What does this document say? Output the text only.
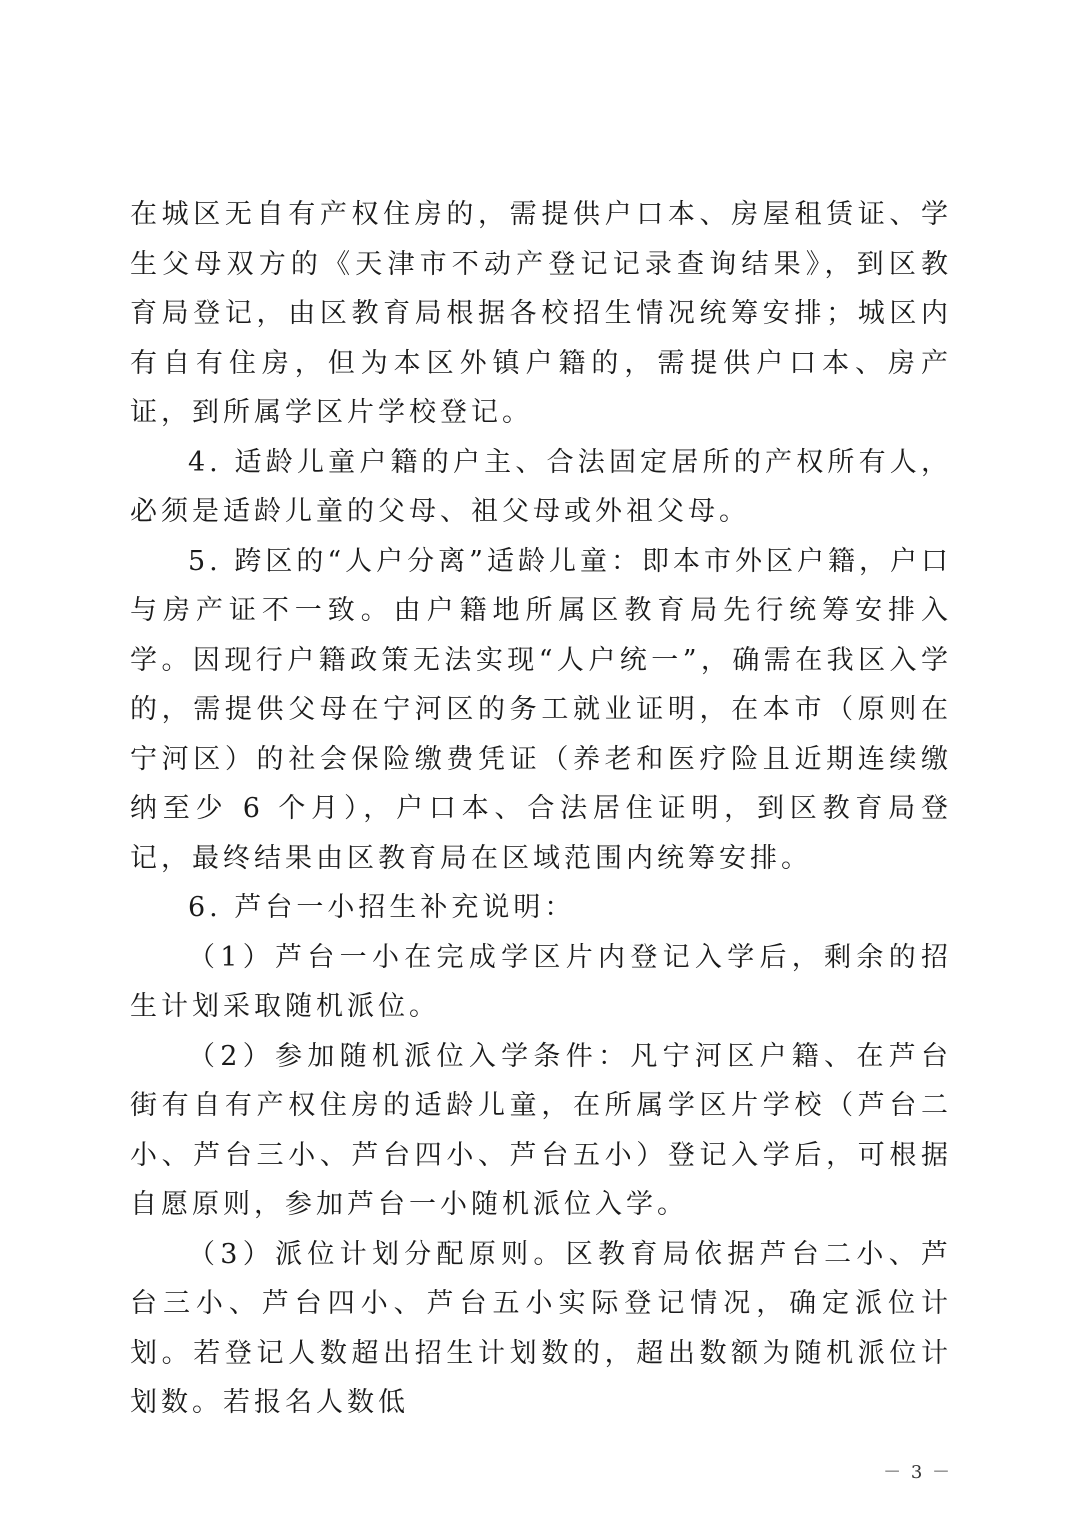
在城区无自有产权住房的，需提供户口本、房屋租赁证、学生父母双方的《天津市不动产登记记录查询结果》，到区教育局登记，由区教育局根据各校招生情况统筹安排；城区内有自有住房，但为本区外镇户籍的，需提供户口本、房产证，到所属学区片学校登记。

4. 适龄儿童户籍的户主、合法固定居所的产权所有人，必须是适龄儿童的父母、祖父母或外祖父母。

5. 跨区的“人户分离”适龄儿童：即本市外区户籍，户口与房产证不一致。由户籍地所属区教育局先行统筹安排入学。因现行户籍政策无法实现“人户统一”，确需在我区入学的，需提供父母在宁河区的务工就业证明，在本市（原则在宁河区）的社会保险缴费凭证（养老和医疗险且近期连续缴纳至少 6 个月），户口本、合法居住证明，到区教育局登记，最终结果由区教育局在区域范围内统筹安排。

6. 芦台一小招生补充说明：

（1）芦台一小在完成学区片内登记入学后，剩余的招生计划采取随机派位。

（2）参加随机派位入学条件：凡宁河区户籍、在芦台街有自有产权住房的适龄儿童，在所属学区片学校（芦台二小、芦台三小、芦台四小、芦台五小）登记入学后，可根据自愿原则，参加芦台一小随机派位入学。

（3）派位计划分配原则。区教育局依据芦台二小、芦台三小、芦台四小、芦台五小实际登记情况，确定派位计划。若登记人数超出招生计划数的，超出数额为随机派位计划数。若报名人数低

－ 3 －
